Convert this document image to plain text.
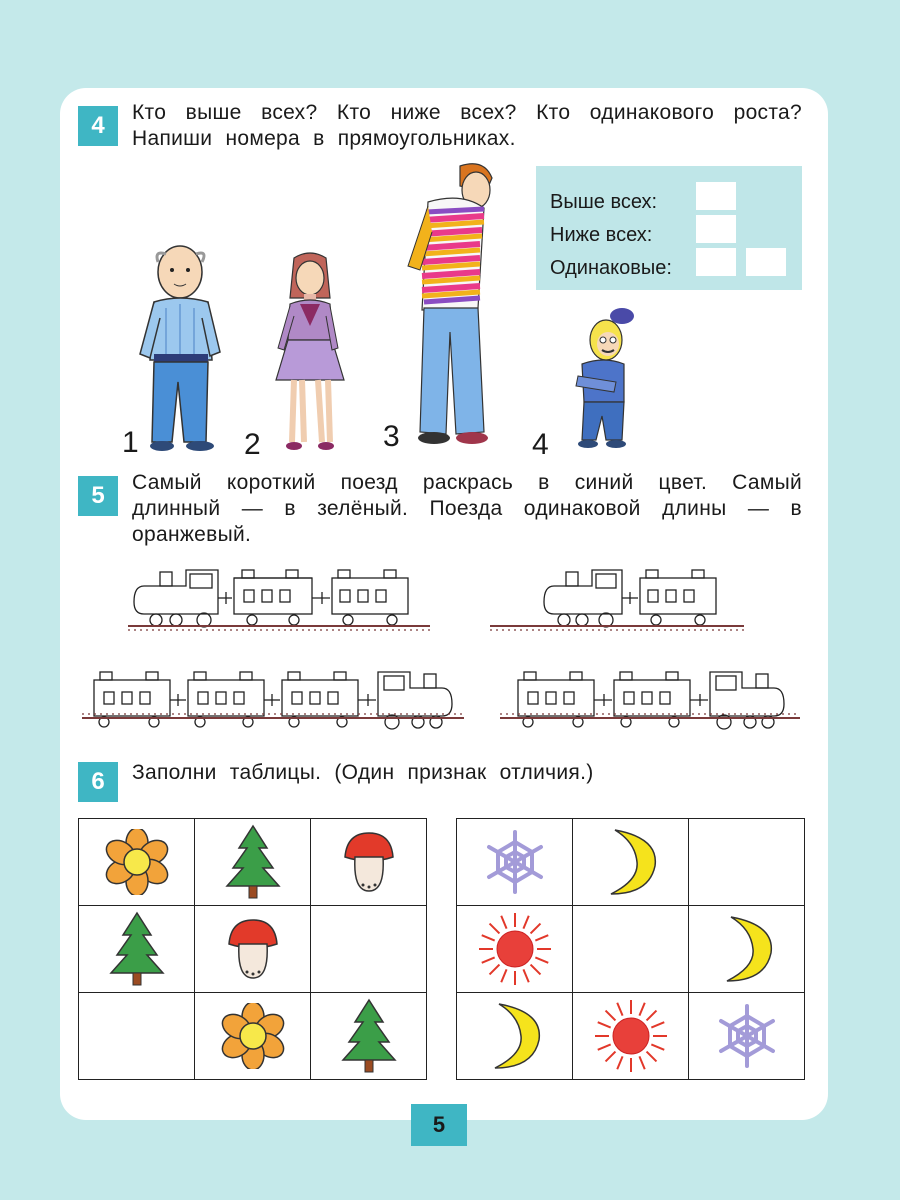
4	Кто выше всех? Кто ниже всех? Кто одинакового роста? Напиши номера в прямоугольниках.
Выше всех:
Ниже всех:
Одинаковые:
1	2	3	4
5	Самый короткий поезд раскрась в синий цвет. Самый длинный — в зелёный. Поезда одинаковой длины — в оранжевый.
6	Заполни таблицы. (Один признак отличия.)
5
